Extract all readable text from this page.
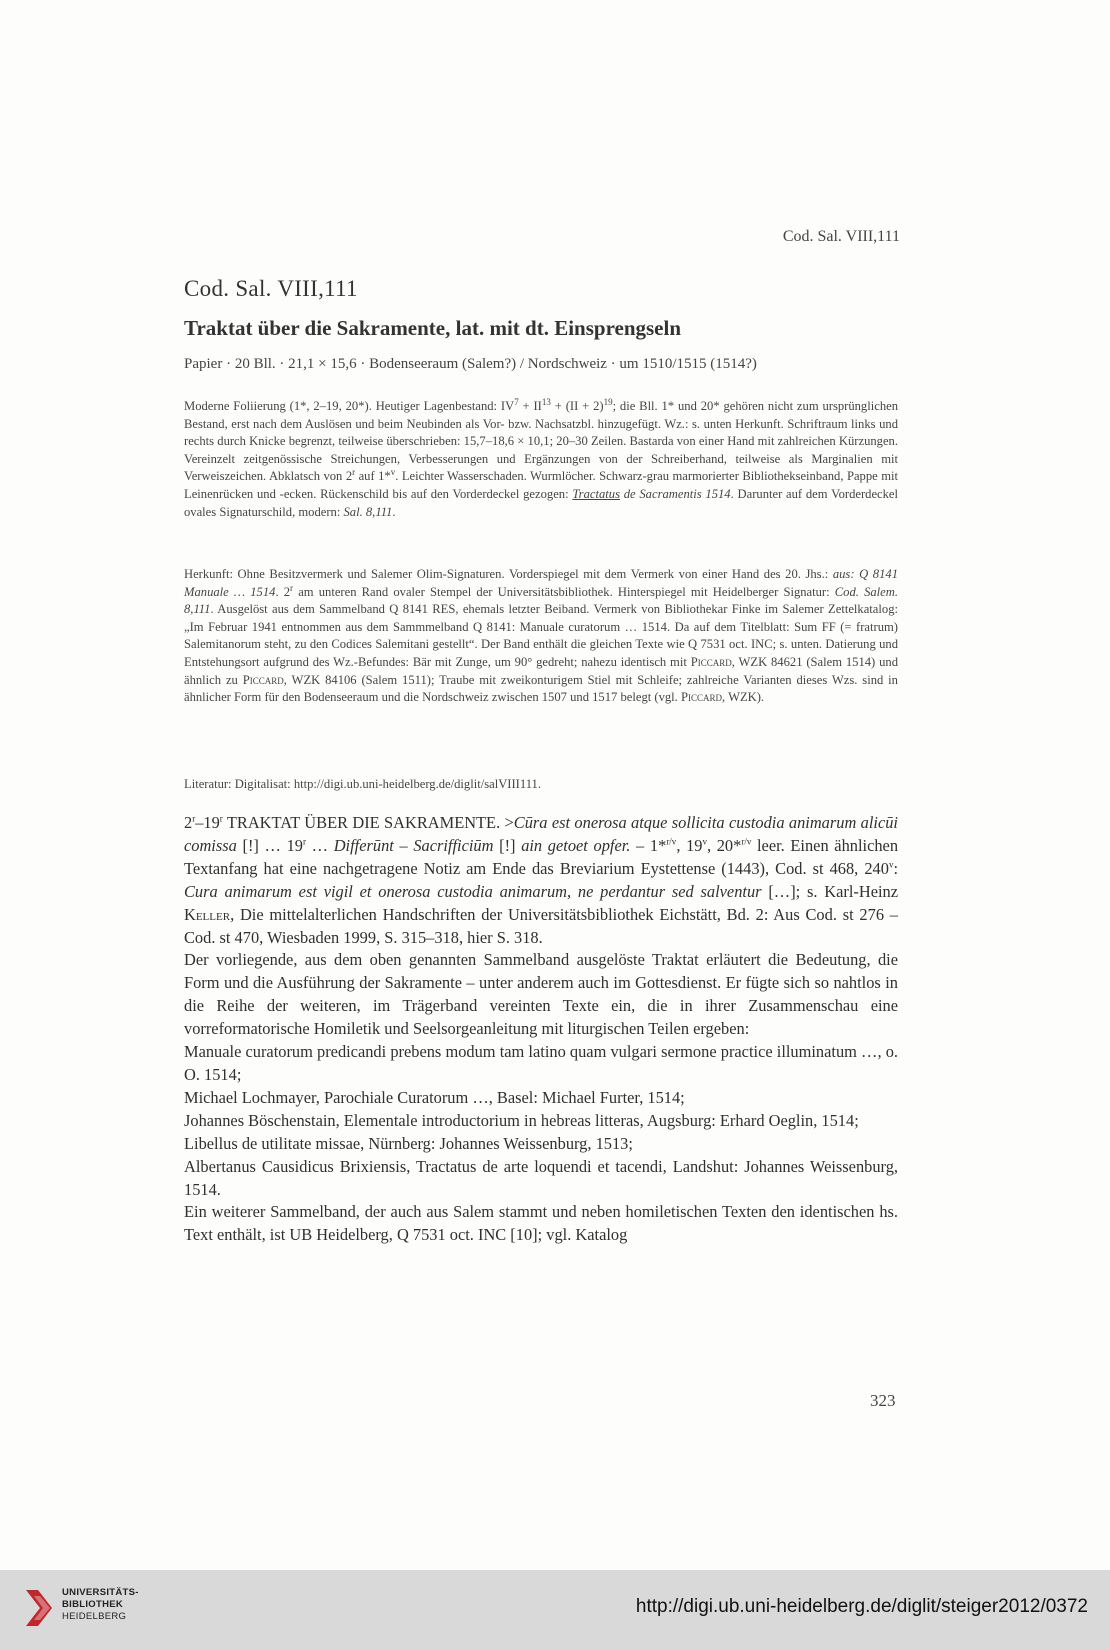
Cod. Sal. VIII,111
Cod. Sal. VIII,111
Traktat über die Sakramente, lat. mit dt. Einsprengseln
Papier · 20 Bll. · 21,1 × 15,6 · Bodenseeraum (Salem?) / Nordschweiz · um 1510/1515 (1514?)
Moderne Foliierung (1*, 2–19, 20*). Heutiger Lagenbestand: $IV^7 + II^{13} + (II + 2)^{19}$; die Bll. 1* und 20* gehören nicht zum ursprünglichen Bestand, erst nach dem Auslösen und beim Neubinden als Vor- bzw. Nachsatzbl. hinzugefügt. Wz.: s. unten Herkunft. Schriftraum links und rechts durch Knicke begrenzt, teilweise überschrieben: 15,7–18,6 × 10,1; 20–30 Zeilen. Bastarda von einer Hand mit zahlreichen Kürzungen. Vereinzelt zeitgenössische Streichungen, Verbesserungen und Ergänzungen von der Schreiberhand, teilweise als Marginalien mit Verweiszeichen. Abklatsch von 2$^r$ auf 1*$^v$. Leichter Wasserschaden. Wurmlöcher. Schwarz-grau marmorierter Bibliothekseinband, Pappe mit Leinenrücken und -ecken. Rückenschild bis auf den Vorderdeckel gezogen: Tractatus de Sacramentis 1514. Darunter auf dem Vorderdeckel ovales Signaturschild, modern: Sal. 8,111.
Herkunft: Ohne Besitzvermerk und Salemer Olim-Signaturen. Vorderspiegel mit dem Vermerk von einer Hand des 20. Jhs.: aus: Q 8141 Manuale … 1514. 2$^r$ am unteren Rand ovaler Stempel der Universitätsbibliothek. Hinterspiegel mit Heidelberger Signatur: Cod. Salem. 8,111. Ausgelöst aus dem Sammelband Q 8141 RES, ehemals letzter Beiband. Vermerk von Bibliothekar Finke im Salemer Zettelkatalog: „Im Februar 1941 entnommen aus dem Sammmelband Q 8141: Manuale curatorum … 1514. Da auf dem Titelblatt: Sum FF (= fratrum) Salemitanorum steht, zu den Codices Salemitani gestellt“. Der Band enthält die gleichen Texte wie Q 7531 oct. INC; s. unten. Datierung und Entstehungsort aufgrund des Wz.-Befundes: Bär mit Zunge, um 90° gedreht; nahezu identisch mit Piccard, WZK 84621 (Salem 1514) und ähnlich zu Piccard, WZK 84106 (Salem 1511); Traube mit zweikonturigem Stiel mit Schleife; zahlreiche Varianten dieses Wzs. sind in ähnlicher Form für den Bodenseeraum und die Nordschweiz zwischen 1507 und 1517 belegt (vgl. Piccard, WZK).
Literatur: Digitalisat: http://digi.ub.uni-heidelberg.de/diglit/salVIII111.

2$^r$–19$^r$ TRAKTAT ÜBER DIE SAKRAMENTE. >Cūra est onerosa atque sollicita custodia animarum alicūi comissa [!] … 19$^r$ … Differūnt – Sacrifficiūm [!] ain getoet opfer. – 1*$^{r/v}$, 19$^v$, 20*$^{r/v}$ leer. Einen ähnlichen Textanfang hat eine nachgetragene Notiz am Ende das Breviarium Eystettense (1443), Cod. st 468, 240$^v$: Cura animarum est vigil et onerosa custodia animarum, ne perdantur sed salventur […]; s. Karl-Heinz Keller, Die mittelalterlichen Handschriften der Universitätsbibliothek Eichstätt, Bd. 2: Aus Cod. st 276 – Cod. st 470, Wiesbaden 1999, S. 315–318, hier S. 318.

Der vorliegende, aus dem oben genannten Sammelband ausgelöste Traktat erläutert die Bedeutung, die Form und die Ausführung der Sakramente – unter anderem auch im Gottesdienst. Er fügte sich so nahtlos in die Reihe der weiteren, im Trägerband vereinten Texte ein, die in ihrer Zusammenschau eine vorreformatorische Homiletik und Seelsorgeanleitung mit liturgischen Teilen ergeben:

Manuale curatorum predicandi prebens modum tam latino quam vulgari sermone practice illuminatum …, o. O. 1514;

Michael Lochmayer, Parochiale Curatorum …, Basel: Michael Furter, 1514;

Johannes Böschenstain, Elementale introductorium in hebreas litteras, Augsburg: Erhard Oeglin, 1514;

Libellus de utilitate missae, Nürnberg: Johannes Weissenburg, 1513;

Albertanus Causidicus Brixiensis, Tractatus de arte loquendi et tacendi, Landshut: Johannes Weissenburg, 1514.

Ein weiterer Sammelband, der auch aus Salem stammt und neben homiletischen Texten den identischen hs. Text enthält, ist UB Heidelberg, Q 7531 oct. INC [10]; vgl. Katalog

323
UNIVERSITÄTS-
BIBLIOTHEK
HEIDELBERG	http://digi.ub.uni-heidelberg.de/diglit/steiger2012/0372
